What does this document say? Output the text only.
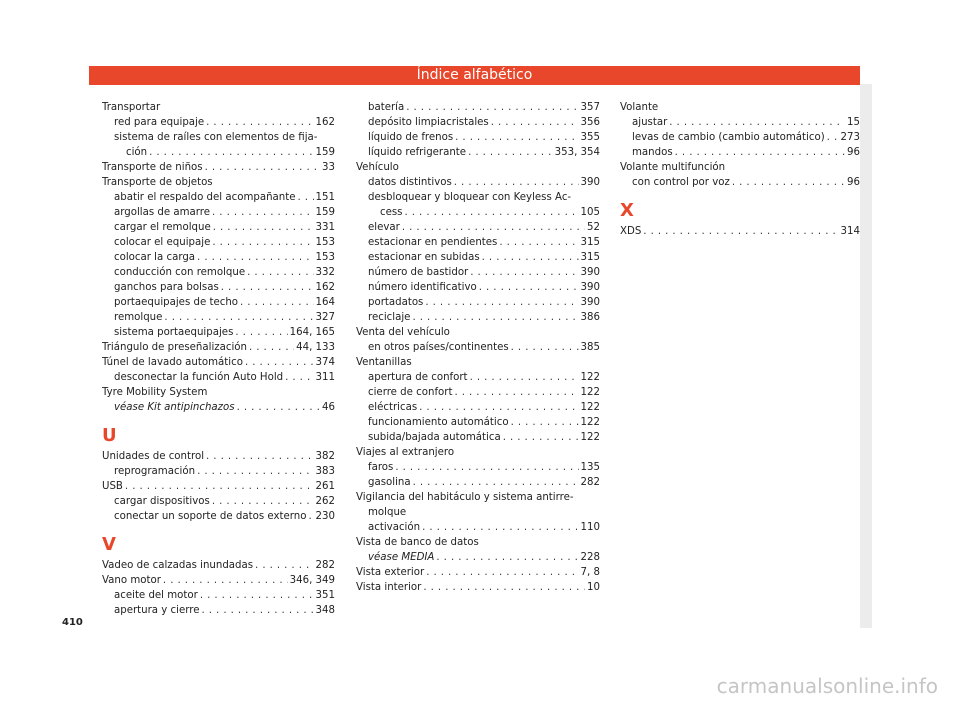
Índice alfabético
Transportar
red para equipaje . . .	162
sistema de raíles con elementos de fija-
ción . . .	159
Transporte de niños . . .	33
Transporte de objetos
abatir el respaldo del acompañante . . . 151
argollas de amarre . . .	159
cargar el remolque . . .	331
colocar el equipaje . . .	153
colocar la carga . . .	153
conducción con remolque . . .	332
ganchos para bolsas . . .	162
portaequipajes de techo . . .	164
remolque . . .	327
sistema portaequipajes . . .	164, 165
Triángulo de preseñalización . . .	44, 133
Túnel de lavado automático . . .	374
desconectar la función Auto Hold . . .	311
Tyre Mobility System
véase Kit antipinchazos . . .	46
U
Unidades de control . . .	382
reprogramación . . .	383
USB . . .	261
cargar dispositivos . . .	262
conectar un soporte de datos externo . . . 230
V
Vadeo de calzadas inundadas . . .	282
Vano motor . . .	346, 349
aceite del motor . . .	351
apertura y cierre . . .	348
batería . . .	357
depósito limpiacristales . . .	356
líquido de frenos . . .	355
líquido refrigerante . . .	353, 354
Vehículo
datos distintivos . . .	390
desbloquear y bloquear con Keyless Ac-
cess . . .	105
elevar . . .	52
estacionar en pendientes . . .	315
estacionar en subidas . . .	315
número de bastidor . . .	390
número identificativo . . .	390
portadatos . . .	390
reciclaje . . .	386
Venta del vehículo
en otros países/continentes . . .	385
Ventanillas
apertura de confort . . .	122
cierre de confort . . .	122
eléctricas . . .	122
funcionamiento automático . . .	122
subida/bajada automática . . .	122
Viajes al extranjero
faros . . .	135
gasolina . . .	282
Vigilancia del habitáculo y sistema antirre-
molque
activación . . .	110
Vista de banco de datos
véase MEDIA . . .	228
Vista exterior . . .	7, 8
Vista interior . . .	10
Volante
ajustar . . .	15
levas de cambio (cambio automático) . . . 273
mandos . . .	96
Volante multifunción
con control por voz . . .	96
X
XDS . . .	314
410
carmanualsonline.info
